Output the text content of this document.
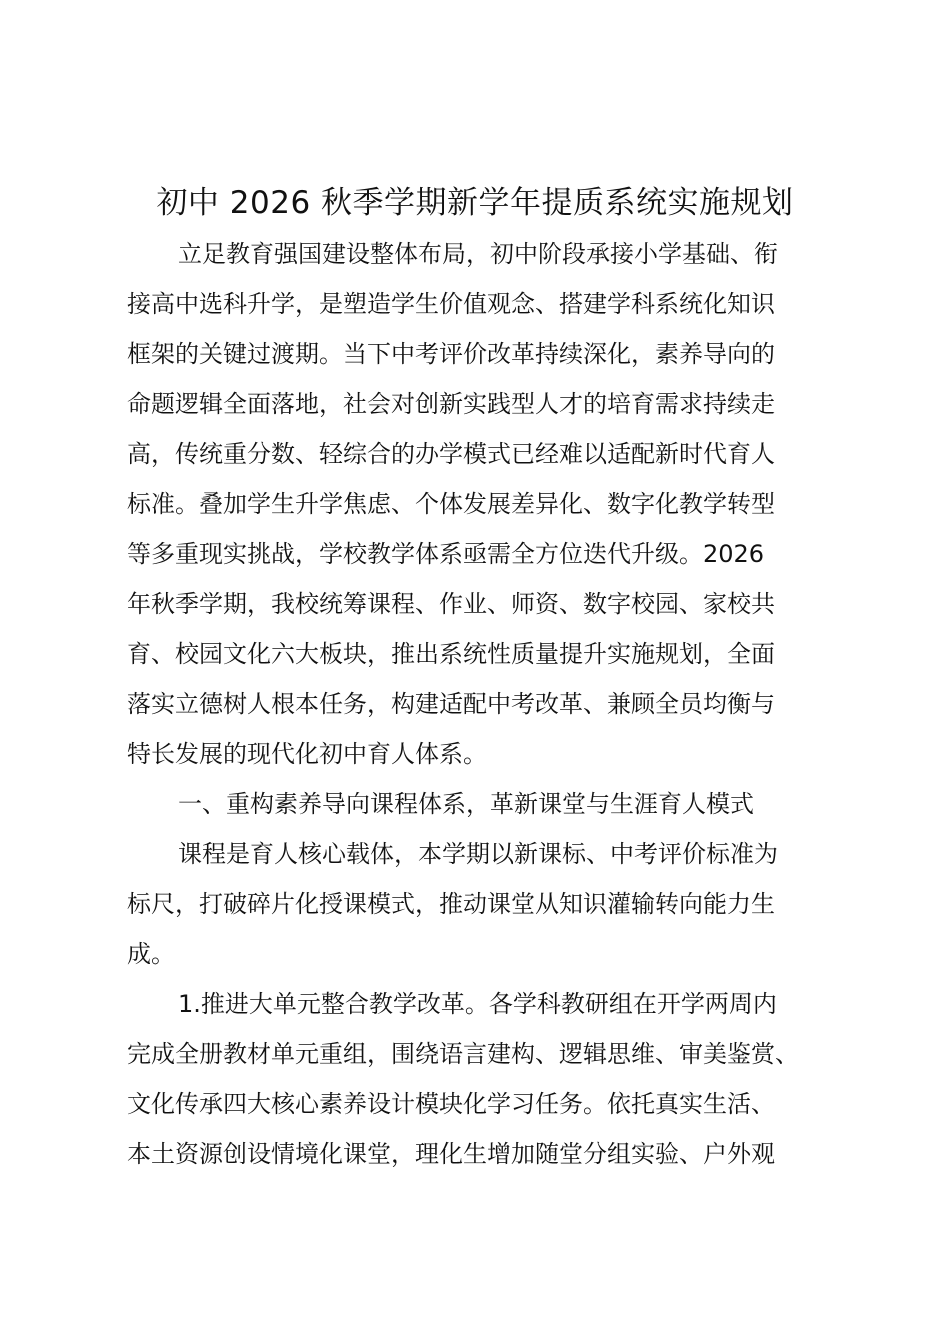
初中 2026 秋季学期新学年提质系统实施规划
立足教育强国建设整体布局，初中阶段承接小学基础、衔
接高中选科升学，是塑造学生价值观念、搭建学科系统化知识
框架的关键过渡期。当下中考评价改革持续深化，素养导向的
命题逻辑全面落地，社会对创新实践型人才的培育需求持续走
高，传统重分数、轻综合的办学模式已经难以适配新时代育人
标准。叠加学生升学焦虑、个体发展差异化、数字化教学转型
等多重现实挑战，学校教学体系亟需全方位迭代升级。2026
年秋季学期，我校统筹课程、作业、师资、数字校园、家校共
育、校园文化六大板块，推出系统性质量提升实施规划，全面
落实立德树人根本任务，构建适配中考改革、兼顾全员均衡与
特长发展的现代化初中育人体系。
一、重构素养导向课程体系，革新课堂与生涯育人模式
课程是育人核心载体，本学期以新课标、中考评价标准为
标尺，打破碎片化授课模式，推动课堂从知识灌输转向能力生
成。
1.推进大单元整合教学改革。各学科教研组在开学两周内
完成全册教材单元重组，围绕语言建构、逻辑思维、审美鉴赏、
文化传承四大核心素养设计模块化学习任务。依托真实生活、
本土资源创设情境化课堂，理化生增加随堂分组实验、户外观
